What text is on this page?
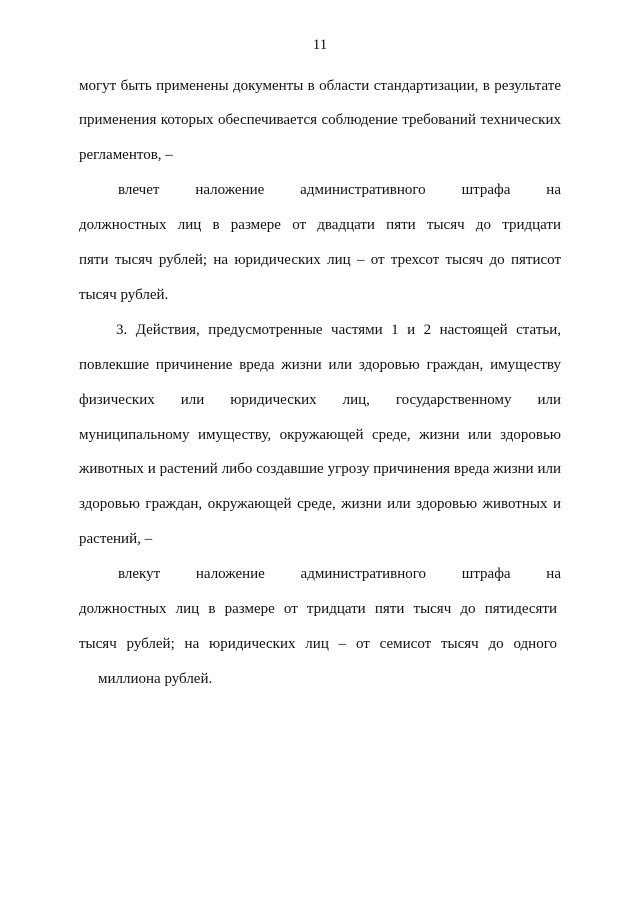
11
могут быть применены документы в области стандартизации, в результате
применения которых обеспечивается соблюдение требований технических
регламентов, –
влечет наложение административного штрафа на
должностных лиц в размере от двадцати пяти тысяч до тридцати
пяти тысяч рублей; на юридических лиц – от трехсот тысяч до пятисот
тысяч рублей.
3. Действия, предусмотренные частями 1 и 2 настоящей статьи,
повлекшие причинение вреда жизни или здоровью граждан, имуществу
физических или юридических лиц, государственному или
муниципальному имуществу, окружающей среде, жизни или здоровью
животных и растений либо создавшие угрозу причинения вреда жизни или
здоровью граждан, окружающей среде, жизни или здоровью животных и
растений, –
влекут наложение административного штрафа на
должностных лиц в размере от тридцати пяти тысяч до пятидесяти
тысяч рублей; на юридических лиц – от семисот тысяч до одного
миллиона рублей.
